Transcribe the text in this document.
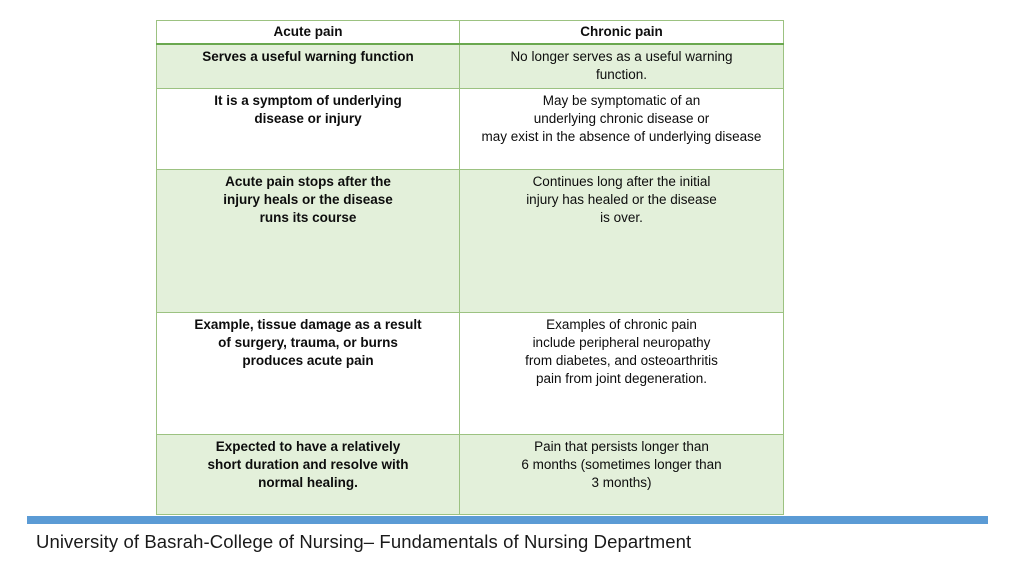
Acute pain	Chronic pain

Serves a useful warning function	No longer serves as a useful warning
function.

It is a symptom of underlying
disease or injury	May be symptomatic of an
underlying chronic disease or
may exist in the absence of underlying disease

Acute pain stops after the
injury heals or the disease
runs its course	Continues long after the initial
injury has healed or the disease
is over.

Example, tissue damage as a result
of surgery, trauma, or burns
produces acute pain	Examples of chronic pain
include peripheral neuropathy
from diabetes, and osteoarthritis
pain from joint degeneration.

Expected to have a relatively
short duration and resolve with
normal healing.	Pain that persists longer than
6 months (sometimes longer than
3 months)
University of Basrah-College of Nursing– Fundamentals of Nursing Department
